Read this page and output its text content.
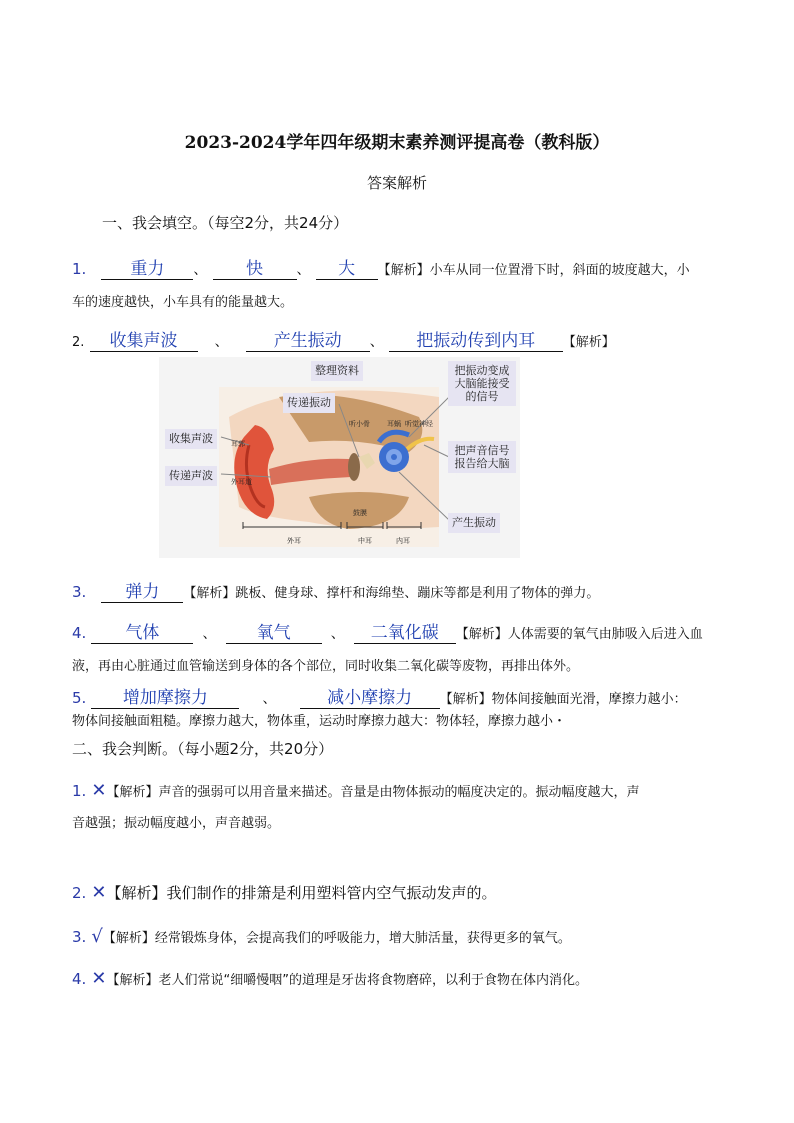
2023-2024学年四年级期末素养测评提高卷（教科版）
答案解析
一、我会填空。（每空2分，共24分）
1.	重力 、 快 、 大 【解析】小车从同一位置滑下时，斜面的坡度越大，小
车的速度越快，小车具有的能量越大。
2. 收集声波	、	产生振动 、 把振动传到内耳 【解析】
整理资料
传递振动
收集声波
传递声波
把振动变成
大脑能接受
的信号
把声音信号
报告给大脑
产生振动
耳郭
外耳道
听小骨 耳蜗 听觉神经
鼓膜
外耳	中耳	内耳
3. 弹力 【解析】跳板、健身球、撑杆和海绵垫、蹦床等都是利用了物体的弹力。
4. 气体	、 氧气	、 二氧化碳 【解析】人体需要的氧气由肺吸入后进入血
液，再由心脏通过血管输送到身体的各个部位，同时收集二氧化碳等废物，再排出体外。
5. 增加摩擦力	、	减小摩擦力 【解析】物体间接触面光滑，摩擦力越小：
物体间接触面粗糙。摩擦力越大，物体重，运动时摩擦力越大：物体轻，摩擦力越小・
二、我会判断。（每小题2分，共20分）
1. ✕【解析】声音的强弱可以用音量来描述。音量是由物体振动的幅度决定的。振动幅度越大，声
音越强；振动幅度越小，声音越弱。
2. ✕【解析】我们制作的排箫是利用塑料管内空气振动发声的。
3. √【解析】经常锻炼身体，会提高我们的呼吸能力，增大肺活量，获得更多的氧气。
4. ✕【解析】老人们常说“细嚼慢咽”的道理是牙齿将食物磨碎，以利于食物在体内消化。
